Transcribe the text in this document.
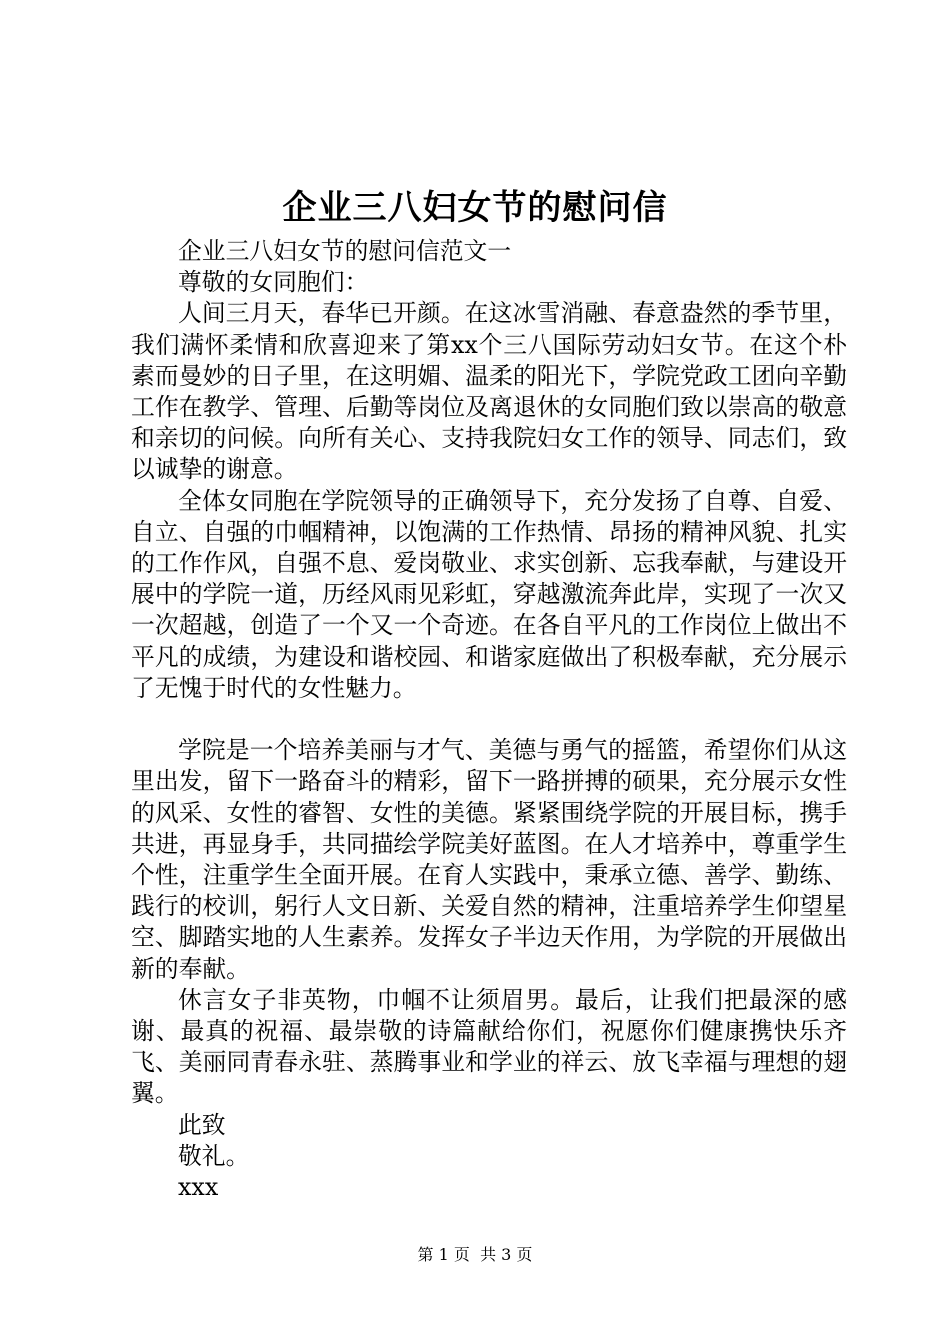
企业三八妇女节的慰问信

企业三八妇女节的慰问信范文一

尊敬的女同胞们：

人间三月天，春华已开颜。在这冰雪消融、春意盎然的季节里，我们满怀柔情和欣喜迎来了第xx个三八国际劳动妇女节。在这个朴素而曼妙的日子里，在这明媚、温柔的阳光下，学院党政工团向辛勤工作在教学、管理、后勤等岗位及离退休的女同胞们致以崇高的敬意和亲切的问候。向所有关心、支持我院妇女工作的领导、同志们，致以诚挚的谢意。

全体女同胞在学院领导的正确领导下，充分发扬了自尊、自爱、自立、自强的巾帼精神，以饱满的工作热情、昂扬的精神风貌、扎实的工作作风，自强不息、爱岗敬业、求实创新、忘我奉献，与建设开展中的学院一道，历经风雨见彩虹，穿越激流奔此岸，实现了一次又一次超越，创造了一个又一个奇迹。在各自平凡的工作岗位上做出不平凡的成绩，为建设和谐校园、和谐家庭做出了积极奉献，充分展示了无愧于时代的女性魅力。

学院是一个培养美丽与才气、美德与勇气的摇篮，希望你们从这里出发，留下一路奋斗的精彩，留下一路拼搏的硕果，充分展示女性的风采、女性的睿智、女性的美德。紧紧围绕学院的开展目标，携手共进，再显身手，共同描绘学院美好蓝图。在人才培养中，尊重学生个性，注重学生全面开展。在育人实践中，秉承立德、善学、勤练、践行的校训，躬行人文日新、关爱自然的精神，注重培养学生仰望星空、脚踏实地的人生素养。发挥女子半边天作用，为学院的开展做出新的奉献。

休言女子非英物，巾帼不让须眉男。最后，让我们把最深的感谢、最真的祝福、最崇敬的诗篇献给你们，祝愿你们健康携快乐齐飞、美丽同青春永驻、蒸腾事业和学业的祥云、放飞幸福与理想的翅翼。

此致

敬礼。

xxx

第 1 页  共 3 页
